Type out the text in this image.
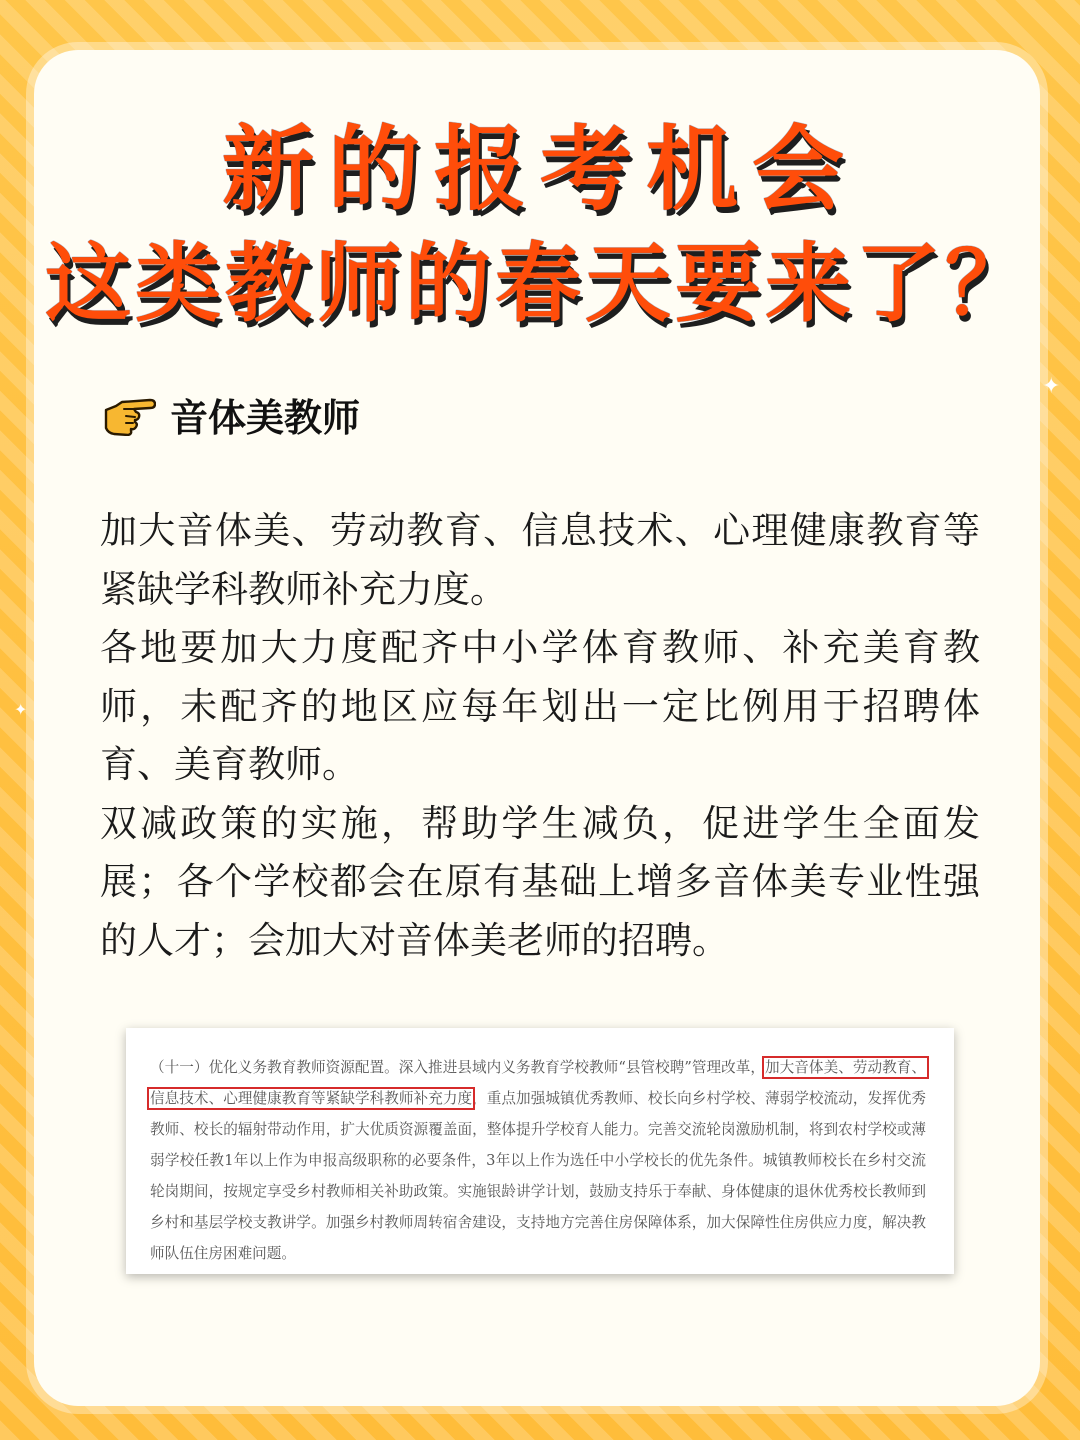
✦
✦
新的报考机会
这类教师的春天要来了？
音体美教师

加大音体美、劳动教育、信息技术、心理健康教育等紧缺学科教师补充力度。

各地要加大力度配齐中小学体育教师、补充美育教师，未配齐的地区应每年划出一定比例用于招聘体育、美育教师。

双减政策的实施，帮助学生减负，促进学生全面发展；各个学校都会在原有基础上增多音体美专业性强的人才；会加大对音体美老师的招聘。

（十一）优化义务教育教师资源配置。深入推进县域内义务教育学校教师“县管校聘”管理改革，加大音体美、劳动教育、信息技术、心理健康教育等紧缺学科教师补充力度，重点加强城镇优秀教师、校长向乡村学校、薄弱学校流动，发挥优秀教师、校长的辐射带动作用，扩大优质资源覆盖面，整体提升学校育人能力。完善交流轮岗激励机制，将到农村学校或薄弱学校任教1年以上作为申报高级职称的必要条件，3年以上作为选任中小学校长的优先条件。城镇教师校长在乡村交流轮岗期间，按规定享受乡村教师相关补助政策。实施银龄讲学计划，鼓励支持乐于奉献、身体健康的退休优秀校长教师到乡村和基层学校支教讲学。加强乡村教师周转宿舍建设，支持地方完善住房保障体系，加大保障性住房供应力度，解决教师队伍住房困难问题。
